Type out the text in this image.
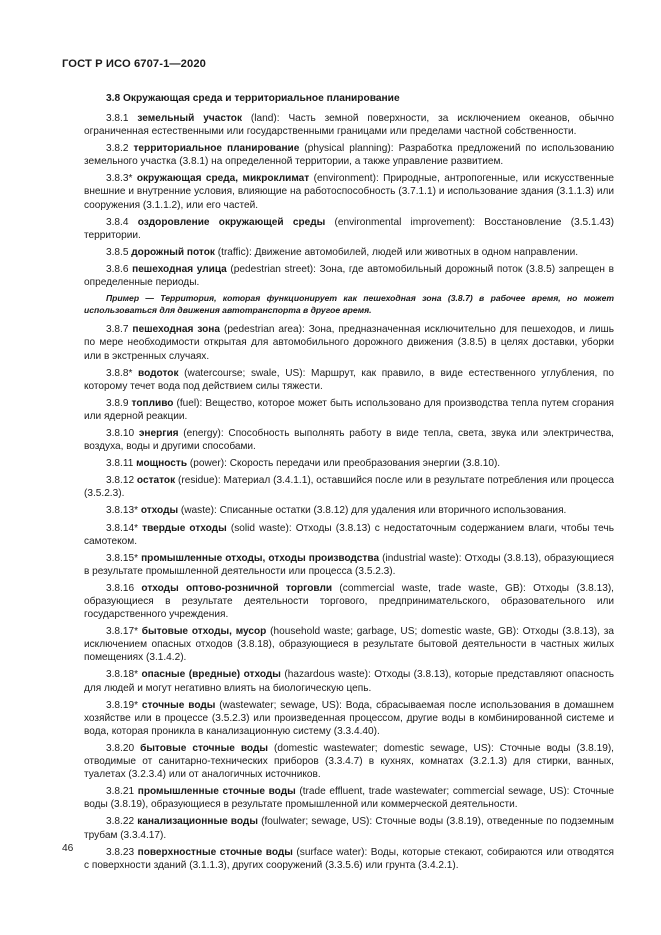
ГОСТ Р ИСО 6707-1—2020
3.8 Окружающая среда и территориальное планирование

3.8.1 земельный участок (land): Часть земной поверхности, за исключением океанов, обычно ограниченная естественными или государственными границами или пределами частной собственности.

3.8.2 территориальное планирование (physical planning): Разработка предложений по использованию земельного участка (3.8.1) на определенной территории, а также управление развитием.

3.8.3* окружающая среда, микроклимат (environment): Природные, антропогенные, или искусственные внешние и внутренние условия, влияющие на работоспособность (3.7.1.1) и использование здания (3.1.1.3) или сооружения (3.1.1.2), или его частей.

3.8.4 оздоровление окружающей среды (environmental improvement): Восстановление (3.5.1.43) территории.

3.8.5 дорожный поток (traffic): Движение автомобилей, людей или животных в одном направлении.

3.8.6 пешеходная улица (pedestrian street): Зона, где автомобильный дорожный поток (3.8.5) запрещен в определенные периоды.

Пример — Территория, которая функционирует как пешеходная зона (3.8.7) в рабочее время, но может использоваться для движения автотранспорта в другое время.

3.8.7 пешеходная зона (pedestrian area): Зона, предназначенная исключительно для пешеходов, и лишь по мере необходимости открытая для автомобильного дорожного движения (3.8.5) в целях доставки, уборки или в экстренных случаях.

3.8.8* водоток (watercourse; swale, US): Маршрут, как правило, в виде естественного углубления, по которому течет вода под действием силы тяжести.

3.8.9 топливо (fuel): Вещество, которое может быть использовано для производства тепла путем сгорания или ядерной реакции.

3.8.10 энергия (energy): Способность выполнять работу в виде тепла, света, звука или электричества, воздуха, воды и другими способами.

3.8.11 мощность (power): Скорость передачи или преобразования энергии (3.8.10).

3.8.12 остаток (residue): Материал (3.4.1.1), оставшийся после или в результате потребления или процесса (3.5.2.3).

3.8.13* отходы (waste): Списанные остатки (3.8.12) для удаления или вторичного использования.

3.8.14* твердые отходы (solid waste): Отходы (3.8.13) с недостаточным содержанием влаги, чтобы течь самотеком.

3.8.15* промышленные отходы, отходы производства (industrial waste): Отходы (3.8.13), образующиеся в результате промышленной деятельности или процесса (3.5.2.3).

3.8.16 отходы оптово-розничной торговли (commercial waste, trade waste, GB): Отходы (3.8.13), образующиеся в результате деятельности торгового, предпринимательского, образовательного или государственного учреждения.

3.8.17* бытовые отходы, мусор (household waste; garbage, US; domestic waste, GB): Отходы (3.8.13), за исключением опасных отходов (3.8.18), образующиеся в результате бытовой деятельности в частных жилых помещениях (3.1.4.2).

3.8.18* опасные (вредные) отходы (hazardous waste): Отходы (3.8.13), которые представляют опасность для людей и могут негативно влиять на биологическую цепь.

3.8.19* сточные воды (wastewater; sewage, US): Вода, сбрасываемая после использования в домашнем хозяйстве или в процессе (3.5.2.3) или произведенная процессом, другие воды в комбинированной системе и вода, которая проникла в канализационную систему (3.3.4.40).

3.8.20 бытовые сточные воды (domestic wastewater; domestic sewage, US): Сточные воды (3.8.19), отводимые от санитарно-технических приборов (3.3.4.7) в кухнях, комнатах (3.2.1.3) для стирки, ванных, туалетах (3.2.3.4) или от аналогичных источников.

3.8.21 промышленные сточные воды (trade effluent, trade wastewater; commercial sewage, US): Сточные воды (3.8.19), образующиеся в результате промышленной или коммерческой деятельности.

3.8.22 канализационные воды (foulwater; sewage, US): Сточные воды (3.8.19), отведенные по подземным трубам (3.3.4.17).

3.8.23 поверхностные сточные воды (surface water): Воды, которые стекают, собираются или отводятся с поверхности зданий (3.1.1.3), других сооружений (3.3.5.6) или грунта (3.4.2.1).

46
